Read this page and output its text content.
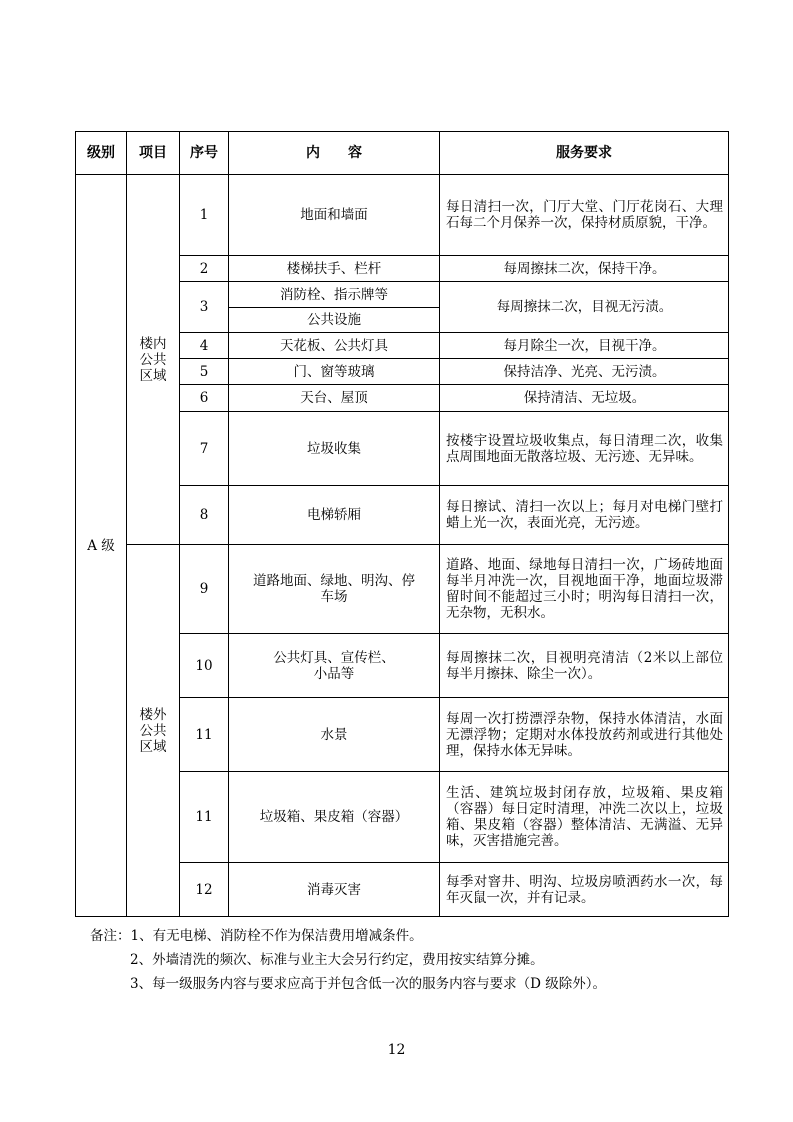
级别	项目	序号	内　　容	服务要求
A 级	楼内公共区域	1	地面和墙面	每日清扫一次，门厅大堂、门厅花岗石、大理石每二个月保养一次，保持材质原貌，干净。
		2	楼梯扶手、栏杆	每周擦抹二次，保持干净。
		3	消防栓、指示牌等	每周擦抹二次，目视无污渍。
			公共设施	
		4	天花板、公共灯具	每月除尘一次，目视干净。
		5	门、窗等玻璃	保持洁净、光亮、无污渍。
		6	天台、屋顶	保持清洁、无垃圾。
		7	垃圾收集	按楼宇设置垃圾收集点，每日清理二次，收集点周围地面无散落垃圾、无污迹、无异味。
		8	电梯轿厢	每日擦试、清扫一次以上；每月对电梯门壁打蜡上光一次，表面光亮，无污迹。
	楼外公共区域	9	道路地面、绿地、明沟、停车场	道路、地面、绿地每日清扫一次，广场砖地面每半月冲洗一次，目视地面干净，地面垃圾滞留时间不能超过三小时；明沟每日清扫一次，无杂物，无积水。
		10	公共灯具、宣传栏、小品等	每周擦抹二次，目视明亮清洁（2米以上部位每半月擦抹、除尘一次）。
		11	水景	每周一次打捞漂浮杂物，保持水体清洁，水面无漂浮物；定期对水体投放药剂或进行其他处理，保持水体无异味。
		11	垃圾箱、果皮箱（容器）	生活、建筑垃圾封闭存放，垃圾箱、果皮箱（容器）每日定时清理，冲洗二次以上，垃圾箱、果皮箱（容器）整体清洁、无满溢、无异味，灭害措施完善。
		12	消毒灭害	每季对窨井、明沟、垃圾房喷洒药水一次，每年灭鼠一次，并有记录。

备注：1、有无电梯、消防栓不作为保洁费用增减条件。

2、外墙清洗的频次、标准与业主大会另行约定，费用按实结算分摊。

3、每一级服务内容与要求应高于并包含低一次的服务内容与要求（D 级除外）。

12
